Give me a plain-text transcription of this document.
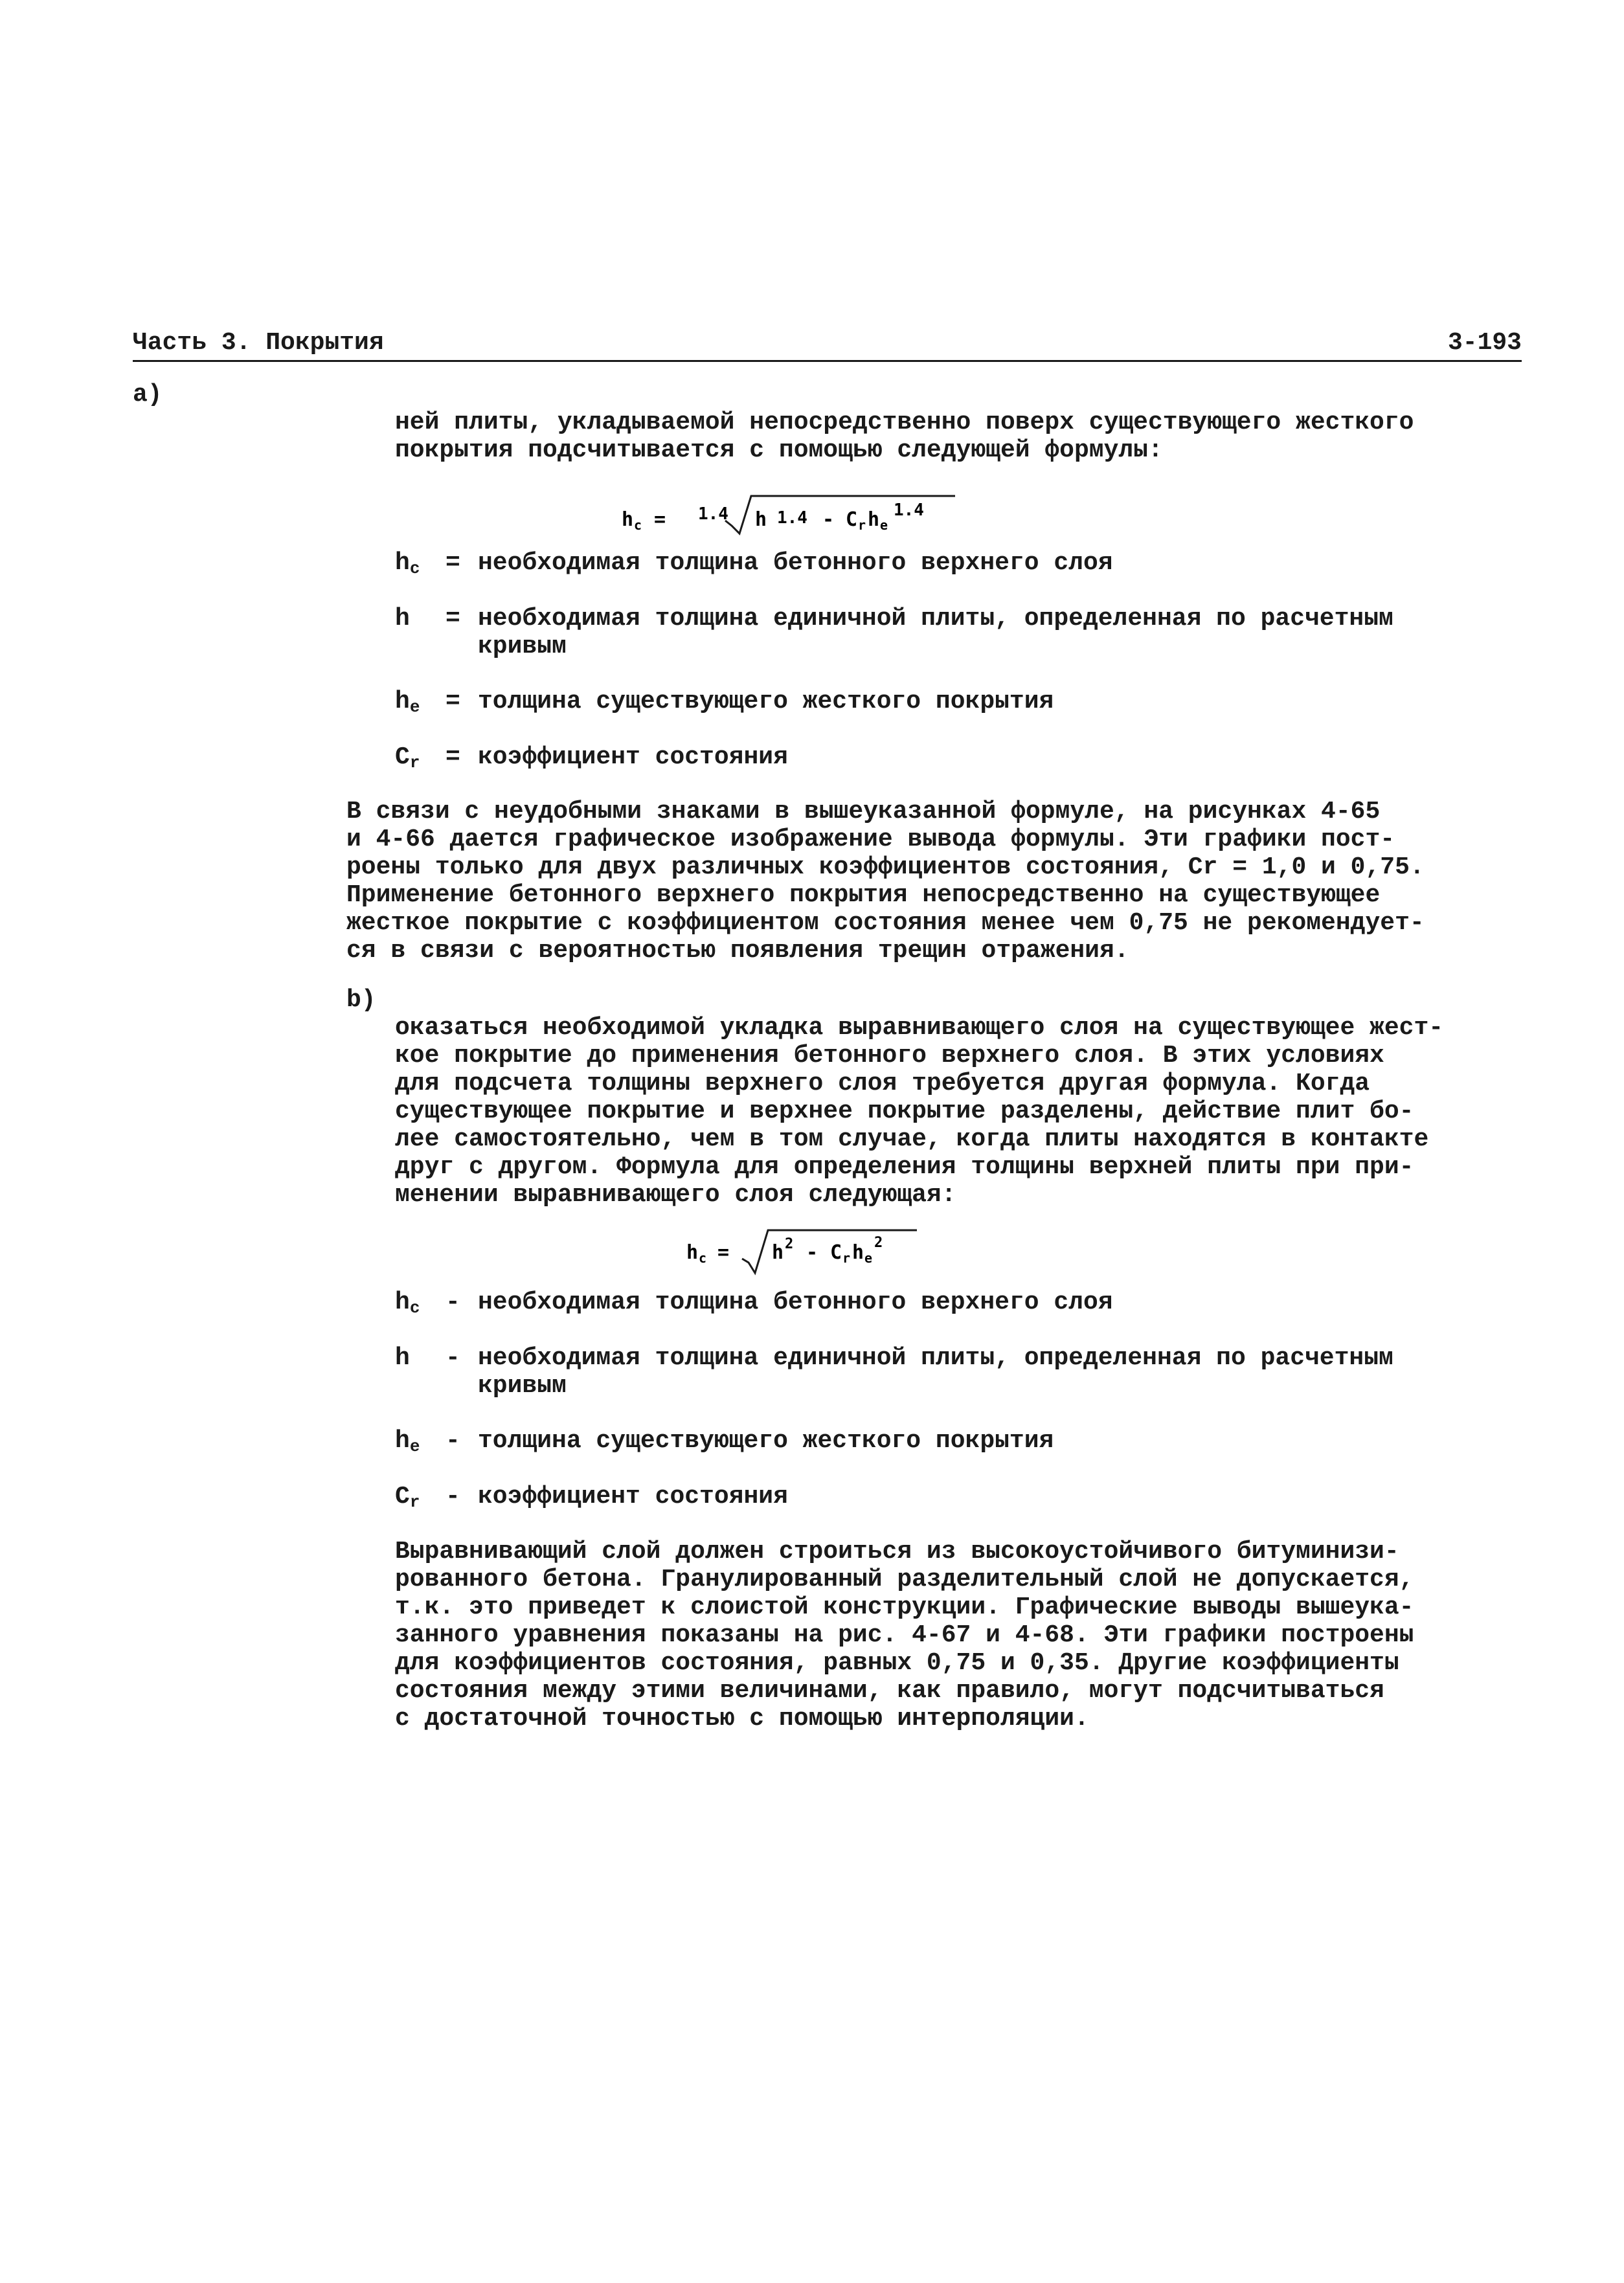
Часть 3. Покрытия	3-193
а)

ней плиты, укладываемой непосредственно поверх существующего жесткого
покрытия подсчитывается с помощью следующей формулы:
h c = 1.4 h 1.4 - C r h e
1.4
$h_c$	= необходимая толщина бетонного верхнего слоя
h	= необходимая толщина единичной плиты, определенная по расчетным
кривым
$h_e$	= толщина существующего жесткого покрытия
$C_r$	= коэффициент состояния
В связи с неудобными знаками в вышеуказанной формуле, на рисунках 4-65
и 4-66 дается графическое изображение вывода формулы. Эти графики пост-
роены только для двух различных коэффициентов состояния, Cr = 1,0 и 0,75.
Применение бетонного верхнего покрытия непосредственно на существующее
жесткое покрытие с коэффициентом состояния менее чем 0,75 не рекомендует-
ся в связи с вероятностью появления трещин отражения.
b)

оказаться необходимой укладка выравнивающего слоя на существующее жест-
кое покрытие до применения бетонного верхнего слоя. В этих условиях
для подсчета толщины верхнего слоя требуется другая формула. Когда
существующее покрытие и верхнее покрытие разделены, действие плит бо-
лее самостоятельно, чем в том случае, когда плиты находятся в контакте
друг с другом. Формула для определения толщины верхней плиты при при-
менении выравнивающего слоя следующая:
h c = h 2 - C r h e
2
$h_c$	- необходимая толщина бетонного верхнего слоя
h	- необходимая толщина единичной плиты, определенная по расчетным
кривым
$h_e$	- толщина существующего жесткого покрытия
$C_r$	- коэффициент состояния
Выравнивающий слой должен строиться из высокоустойчивого битуминизи-
рованного бетона. Гранулированный разделительный слой не допускается,
т.к. это приведет к слоистой конструкции. Графические выводы вышеука-
занного уравнения показаны на рис. 4-67 и 4-68. Эти графики построены
для коэффициентов состояния, равных 0,75 и 0,35. Другие коэффициенты
состояния между этими величинами, как правило, могут подсчитываться
с достаточной точностью с помощью интерполяции.
